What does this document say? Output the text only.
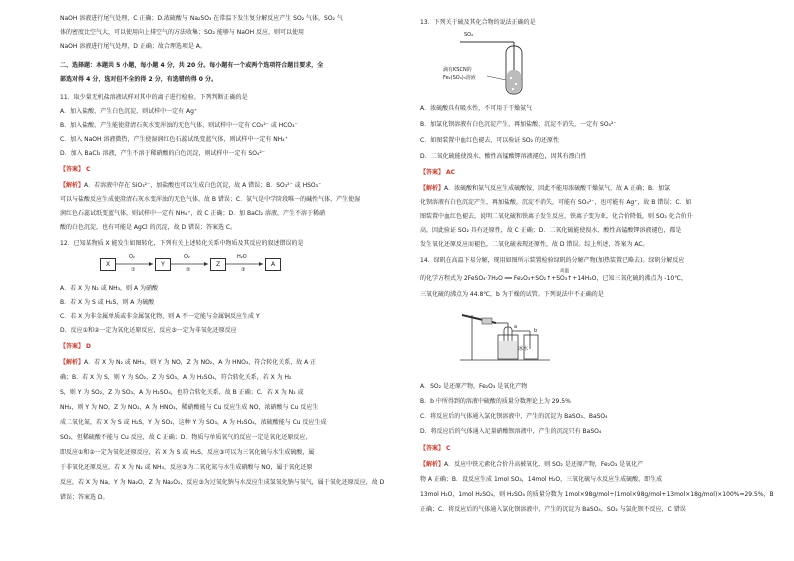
NaOH 溶液进行尾气处理，C 正确；D.浓硫酸与 Na₂SO₃ 在常温下发生复分解反应产生 SO₂ 气体，SO₂ 气
体的密度比空气大，可以使用向上排空气的方法收集；SO₂ 能够与 NaOH 反应，则可以使用
NaOH 溶液进行尾气处理，D 正确；故合理选项是 A。
二、选择题：本题共 5 小题，每小题 4 分，共 20 分。每小题有一个或两个选项符合题目要求，全
部选对得 4 分，选对但不全的得 2 分，有选错的得 0 分。
11．取少量无机盐溶液试样对其中的离子进行检验。下列判断正确的是
A．加入盐酸，产生白色沉淀，则试样中一定有 Ag⁺
B．加入盐酸，产生能使澄清石灰水变浑浊的无色气体，则试样中一定有 CO₃²⁻ 或 HCO₃⁻
C．加入 NaOH 溶液微热，产生使湿润红色石蕊试纸变蓝气体，则试样中一定有 NH₄⁺
D．加入 BaCl₂ 溶液，产生不溶于稀硝酸的白色沉淀，则试样中一定有 SO₄²⁻
【答案】 C
【解析】A．若溶液中存在 SiO₃²⁻，加盐酸也可以生成白色沉淀，故 A 错误；B．SO₃²⁻ 或 HSO₃⁻
可以与盐酸反应生成使澄清石灰水变浑浊的无色气体，故 B 错误；C．氨气是中学阶段唯一的碱性气体，产生使湿
润红色石蕊试纸变蓝气体，则试样中一定有 NH₄⁺，故 C 正确；D．加 BaCl₂ 溶液，产生不溶于稀硝
酸的白色沉淀，也有可能是 AgCl 的沉淀，故 D 错误；答案选 C。
12．已知某物质 X 能发生如图转化，下列有关上述转化关系中物质及其反应的叙述错误的是
X	Y	Z	A
O₂	O₂	H₂O
①	②	③
A．若 X 为 N₂ 或 NH₃，则 A 为硝酸
B．若 X 为 S 或 H₂S，则 A 为硫酸
C．若 X 为非金属单质或非金属氢化物，则 A 不一定能与金属铜反应生成 Y
D．反应①和②一定为氧化还原反应，反应③一定为非氧化还原反应
【答案】 D
【解析】A．若 X 为 N₂ 或 NH₃，则 Y 为 NO，Z 为 NO₂，A 为 HNO₃，符合转化关系，故 A 正
确；B．若 X 为 S，则 Y 为 SO₂，Z 为 SO₃，A 为 H₂SO₄，符合转化关系，若 X 为 H₂
S，则 Y 为 SO₂，Z 为 SO₃，A 为 H₂SO₄，也符合转化关系，故 B 正确；C．若 X 为 N₂ 或
NH₃，则 Y 为 NO，Z 为 NO₂，A 为 HNO₃，稀硝酸能与 Cu 反应生成 NO，浓硝酸与 Cu 反应生
成二氧化氮，若 X 为 S 或 H₂S，Y 为 SO₂，这种 Y 为 SO₃，A 为 H₂SO₄，浓硫酸能与 Cu 反应生成
SO₂，但稀硫酸不能与 Cu 反应，故 C 正确；D．物质与单质氧气的反应一定是氧化还原反应，
即反应①和②一定为氧化还原反应，若 X 为 S 或 H₂S，反应③可以为三氧化硫与水生成硫酸，属
于非氧化还原反应，若 X 为 N₂ 或 NH₃，反应③为二氧化氮与水生成硝酸与 NO，属于氧化还原
反应，若 X 为 Na，Y 为 Na₂O，Z 为 Na₂O₂，反应③为过氧化钠与水反应生成氢氧化钠与氧气，属于氧化还原反应，故 D
错误；答案选 D。
13．下列关于硫及其化合物的说法正确的是
SO₂
滴有KSCN的
Fe₂(SO₄)₃溶液
A．浓硫酸具有吸水性，不可用于干燥氨气
B．加氯化钡溶液有白色沉淀产生，再加盐酸，沉淀不消失，一定有 SO₄²⁻
C．如图装置中血红色褪去，可以验证 SO₂ 的还原性
D．二氧化硫能使溴水、酸性高锰酸钾溶液褪色，因其有漂白性
【答案】 AC
【解析】A．浓硫酸和氨气反应生成硫酸铵，因此不能用浓硫酸干燥氨气，故 A 正确；B．加氯
化钡溶液有白色沉淀产生，再加盐酸，沉淀不消失，可能有 SO₄²⁻，也可能有 Ag⁺，故 B 错误；C．如
图装置中血红色褪去，说明二氧化硫和铁离子发生反应，铁离子变为亚，化合价降低，则 SO₂ 化合价升
高，因此验证 SO₂ 具有还原性，故 C 正确；D．二氧化硫能使溴水、酸性高锰酸钾溶液褪色，都是
发生氧化还原反应而褪色，二氧化硫表现还原性，故 D 错误。综上所述，答案为 AC。
14．绿矾在高温下易分解，现用如图所示装置检验绿矾的分解产物(加热装置已略去)。绿矾分解反应
的化学方程式为 2FeSO₄·7H₂O ══ Fe₂O₃+SO₂↑+SO₃↑+14H₂O，已知三氧化硫的沸点为 -10℃，
高温
三氧化硫的沸点为 44.8℃，b 为干燥的试管。下列说法中不正确的是
a
b
冰水
A．SO₂ 是还原产物，Fe₂O₃ 是氧化产物
B．b 中所得到的溶液中硫酸的质量分数理论上为 29.5%
C．将反应后的气体通入氯化钡溶液中，产生的沉淀为 BaSO₃、BaSO₄
D．将反应后的气体通入足量硝酸钡溶液中，产生的沉淀只有 BaSO₄
【答案】 C
【解析】A．反应中铁元素化合价升高被氧化，则 SO₂ 是还原产物，Fe₂O₃ 是氧化产
物 A 正确；B．设反应生成 1mol SO₃，14mol H₂O，三氧化硫与水反应生成硫酸，即生成
13mol H₂O，1mol H₂SO₄，则 H₂SO₄ 的质量分数为 1mol×98g/mol÷(1mol×98g/mol+13mol×18g/mol)×100%≈29.5%，B
正确；C．将反应后的气体通入氯化钡溶液中，产生的沉淀为 BaSO₄，SO₂ 与氯化钡不反应，C 错误
